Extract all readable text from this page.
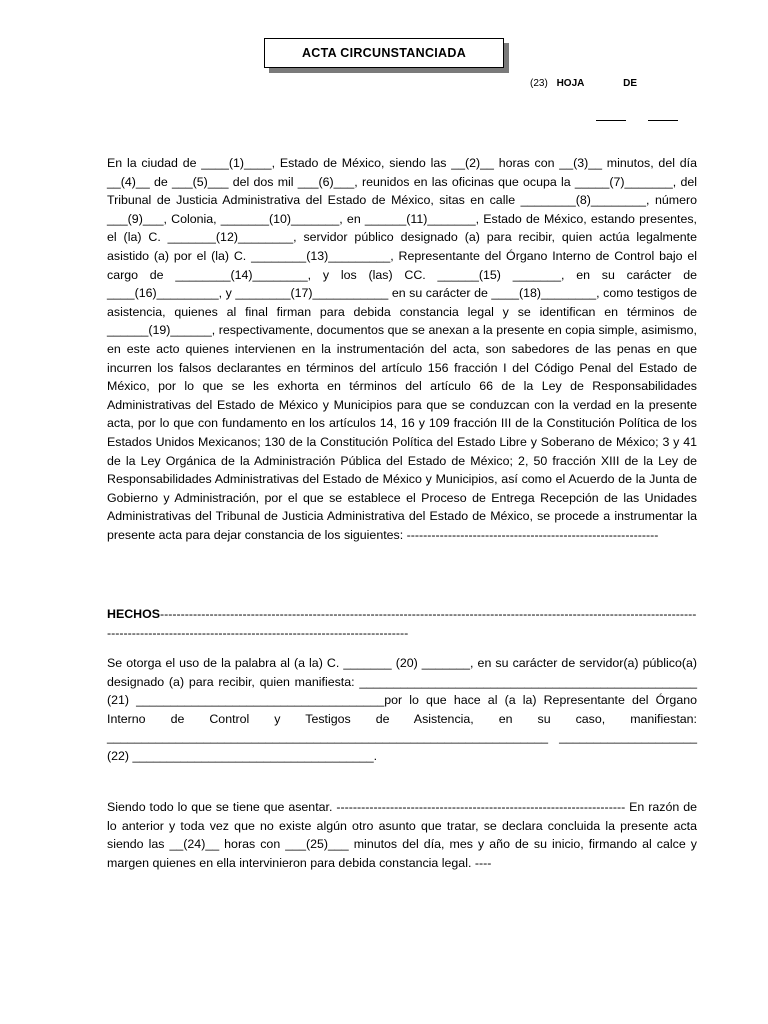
ACTA CIRCUNSTANCIADA
(23) HOJA	DE

En la ciudad de ____(1)____, Estado de México, siendo las __(2)__ horas con __(3)__ minutos, del día __(4)__ de ___(5)___ del dos mil ___(6)___, reunidos en las oficinas que ocupa la _____(7)_______, del Tribunal de Justicia Administrativa del Estado de México, sitas en calle ________(8)________, número ___(9)___, Colonia, _______(10)_______, en ______(11)_______, Estado de México, estando presentes, el (la) C. _______(12)________, servidor público designado (a) para recibir, quien actúa legalmente asistido (a) por el (la) C. ________(13)_________, Representante del Órgano Interno de Control bajo el cargo de ________(14)________, y los (las) CC. ______(15) _______, en su carácter de ____(16)_________, y ________(17)___________ en su carácter de ____(18)________, como testigos de asistencia, quienes al final firman para debida constancia legal y se identifican en términos de ______(19)______, respectivamente, documentos que se anexan a la presente en copia simple, asimismo, en este acto quienes intervienen en la instrumentación del acta, son sabedores de las penas en que incurren los falsos declarantes en términos del artículo 156 fracción I del Código Penal del Estado de México, por lo que se les exhorta en términos del artículo 66 de la Ley de Responsabilidades Administrativas del Estado de México y Municipios para que se conduzcan con la verdad en la presente acta, por lo que con fundamento en los artículos 14, 16 y 109 fracción III de la Constitución Política de los Estados Unidos Mexicanos; 130 de la Constitución Política del Estado Libre y Soberano de México; 3 y 41 de la Ley Orgánica de la Administración Pública del Estado de México; 2, 50 fracción XIII de la Ley de Responsabilidades Administrativas del Estado de México y Municipios, así como el Acuerdo de la Junta de Gobierno y Administración, por el que se establece el Proceso de Entrega Recepción de las Unidades Administrativas del Tribunal de Justicia Administrativa del Estado de México, se procede a instrumentar la presente acta para dejar constancia de los siguientes: -------------------------------------------------------------

HECHOS----------------------------------------------------------------------------------------------------------------------------------
-------------------------------------------------------------------------

Se otorga el uso de la palabra al (a la) C. _______ (20) _______, en su carácter de servidor(a) público(a) designado (a) para recibir, quien manifiesta: _________________________________________________ (21) ____________________________________por lo que hace al (a la) Representante del Órgano Interno de Control y Testigos de Asistencia, en su caso, manifiestan: ________________________________________________________________ ____________________ (22) ___________________________________.

Siendo todo lo que se tiene que asentar. ---------------------------------------------------------------------- En razón de lo anterior y toda vez que no existe algún otro asunto que tratar, se declara concluida la presente acta siendo las __(24)__ horas con ___(25)___ minutos del día, mes y año de su inicio, firmando al calce y margen quienes en ella intervinieron para debida constancia legal. ----
